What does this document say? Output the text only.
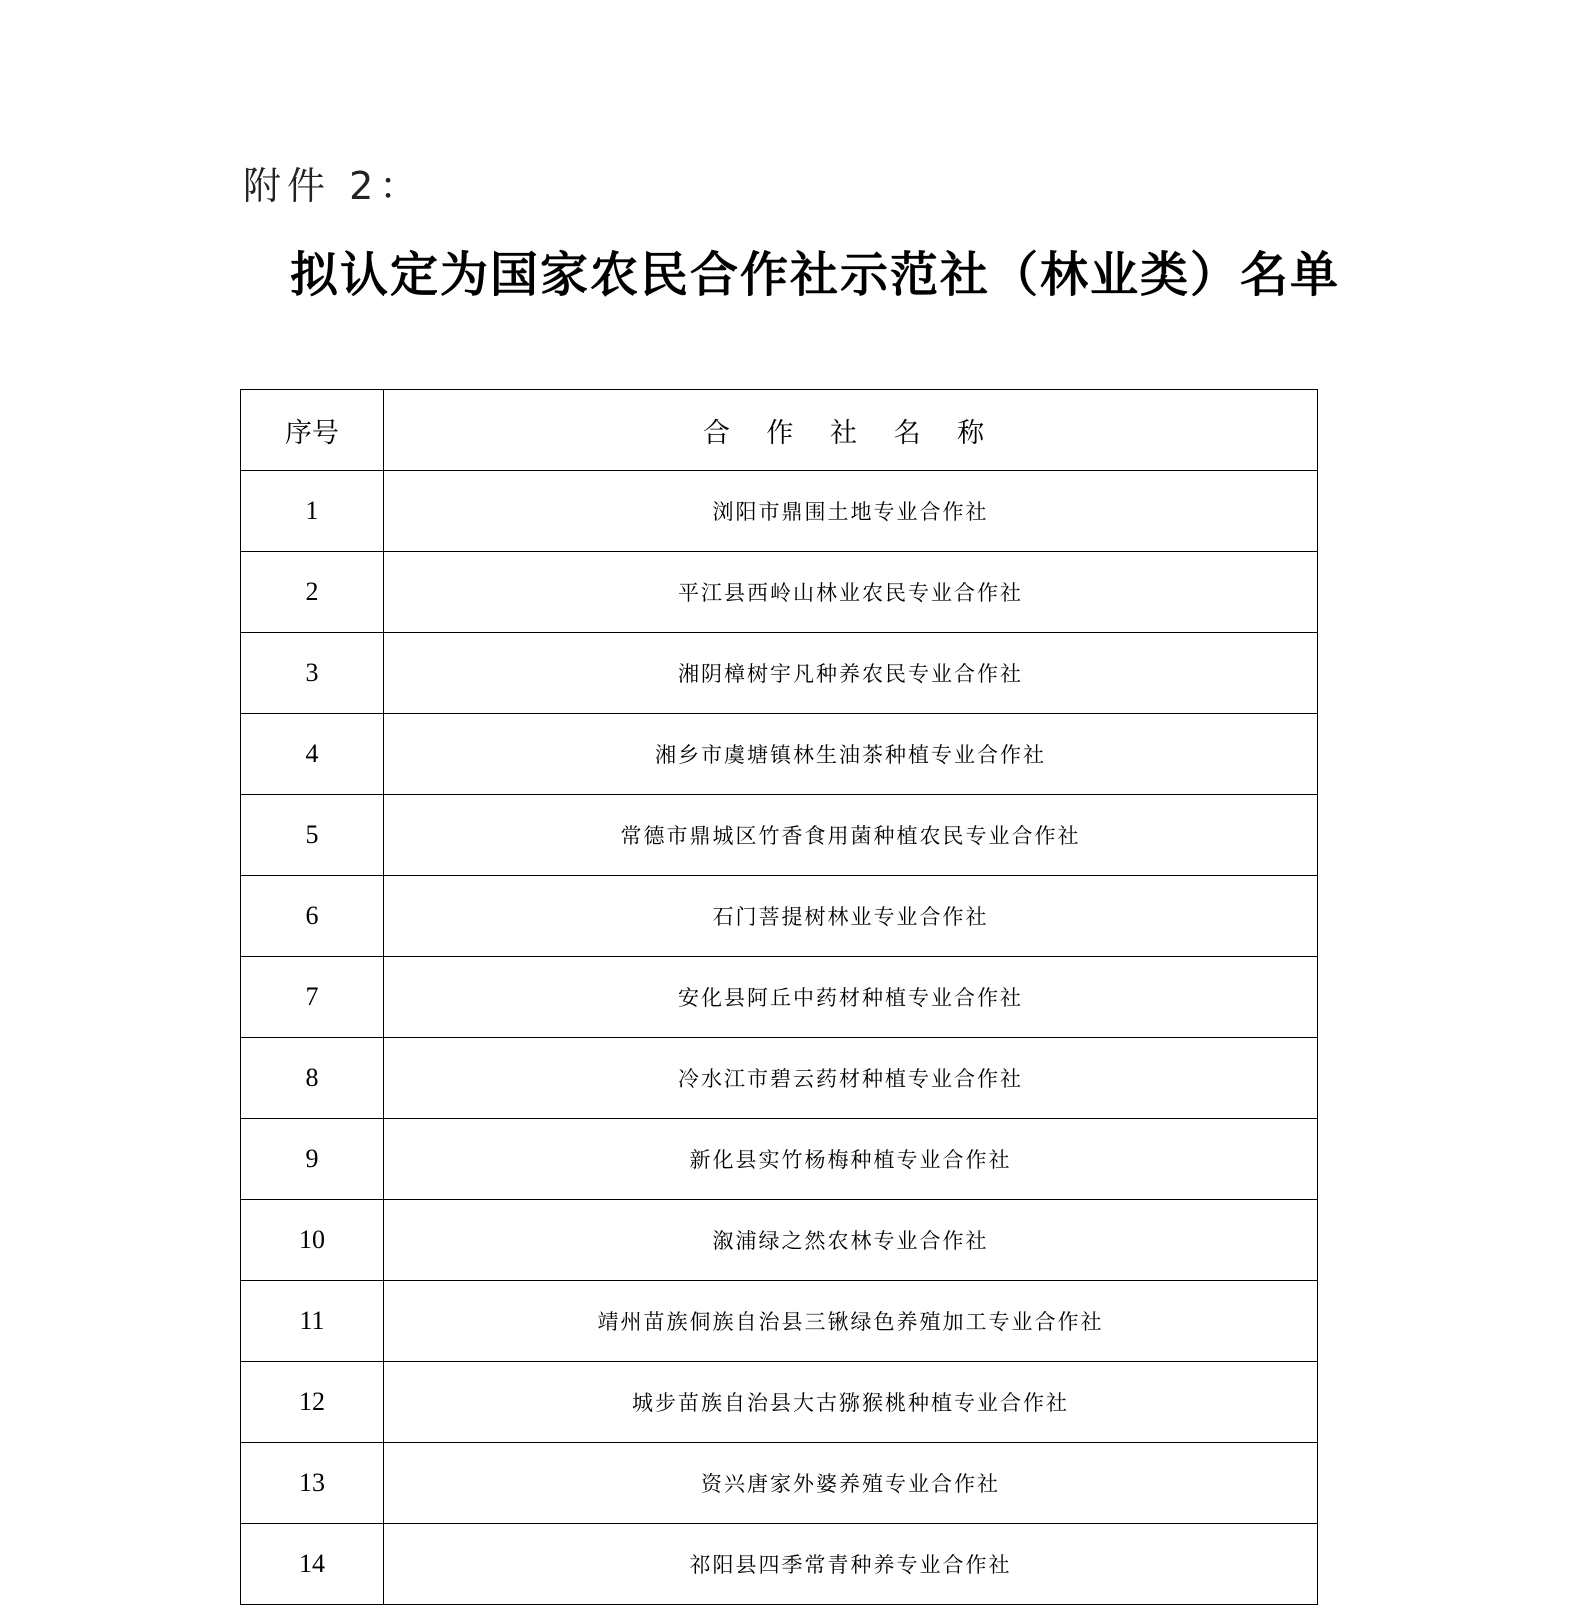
附件 2：
拟认定为国家农民合作社示范社（林业类）名单
序号	合 作 社 名 称
1	浏阳市鼎围土地专业合作社
2	平江县西岭山林业农民专业合作社
3	湘阴樟树宇凡种养农民专业合作社
4	湘乡市虞塘镇林生油茶种植专业合作社
5	常德市鼎城区竹香食用菌种植农民专业合作社
6	石门菩提树林业专业合作社
7	安化县阿丘中药材种植专业合作社
8	冷水江市碧云药材种植专业合作社
9	新化县实竹杨梅种植专业合作社
10	溆浦绿之然农林专业合作社
11	靖州苗族侗族自治县三锹绿色养殖加工专业合作社
12	城步苗族自治县大古猕猴桃种植专业合作社
13	资兴唐家外婆养殖专业合作社
14	祁阳县四季常青种养专业合作社
